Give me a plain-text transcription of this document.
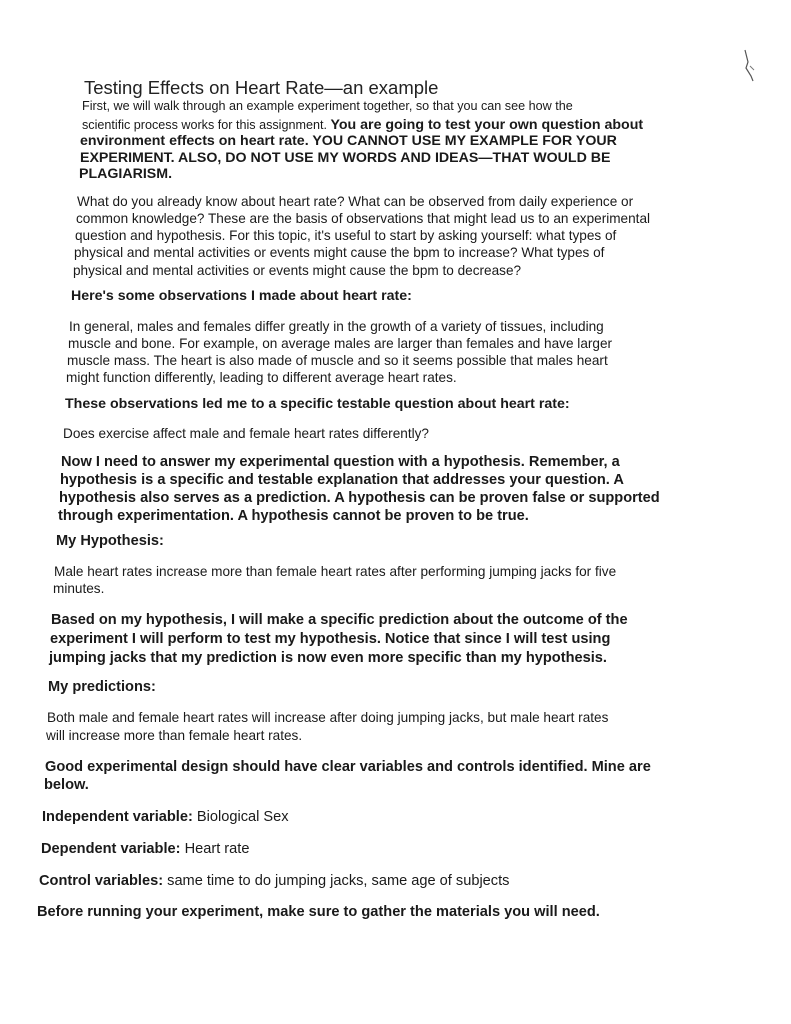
Testing Effects on Heart Rate—an example
First, we will walk through an example experiment together, so that you can see how the
scientific process works for this assignment. You are going to test your own question about
environment effects on heart rate. YOU CANNOT USE MY EXAMPLE FOR YOUR
EXPERIMENT. ALSO, DO NOT USE MY WORDS AND IDEAS—THAT WOULD BE
PLAGIARISM.
What do you already know about heart rate? What can be observed from daily experience or
common knowledge? These are the basis of observations that might lead us to an experimental
question and hypothesis. For this topic, it's useful to start by asking yourself: what types of
physical and mental activities or events might cause the bpm to increase? What types of
physical and mental activities or events might cause the bpm to decrease?
Here's some observations I made about heart rate:
In general, males and females differ greatly in the growth of a variety of tissues, including
muscle and bone. For example, on average males are larger than females and have larger
muscle mass. The heart is also made of muscle and so it seems possible that males heart
might function differently, leading to different average heart rates.
These observations led me to a specific testable question about heart rate:
Does exercise affect male and female heart rates differently?
Now I need to answer my experimental question with a hypothesis. Remember, a
hypothesis is a specific and testable explanation that addresses your question. A
hypothesis also serves as a prediction. A hypothesis can be proven false or supported
through experimentation. A hypothesis cannot be proven to be true.
My Hypothesis:
Male heart rates increase more than female heart rates after performing jumping jacks for five
minutes.
Based on my hypothesis, I will make a specific prediction about the outcome of the
experiment I will perform to test my hypothesis. Notice that since I will test using
jumping jacks that my prediction is now even more specific than my hypothesis.
My predictions:
Both male and female heart rates will increase after doing jumping jacks, but male heart rates
will increase more than female heart rates.
Good experimental design should have clear variables and controls identified. Mine are
below.
Independent variable: Biological Sex
Dependent variable: Heart rate
Control variables: same time to do jumping jacks, same age of subjects
Before running your experiment, make sure to gather the materials you will need.
